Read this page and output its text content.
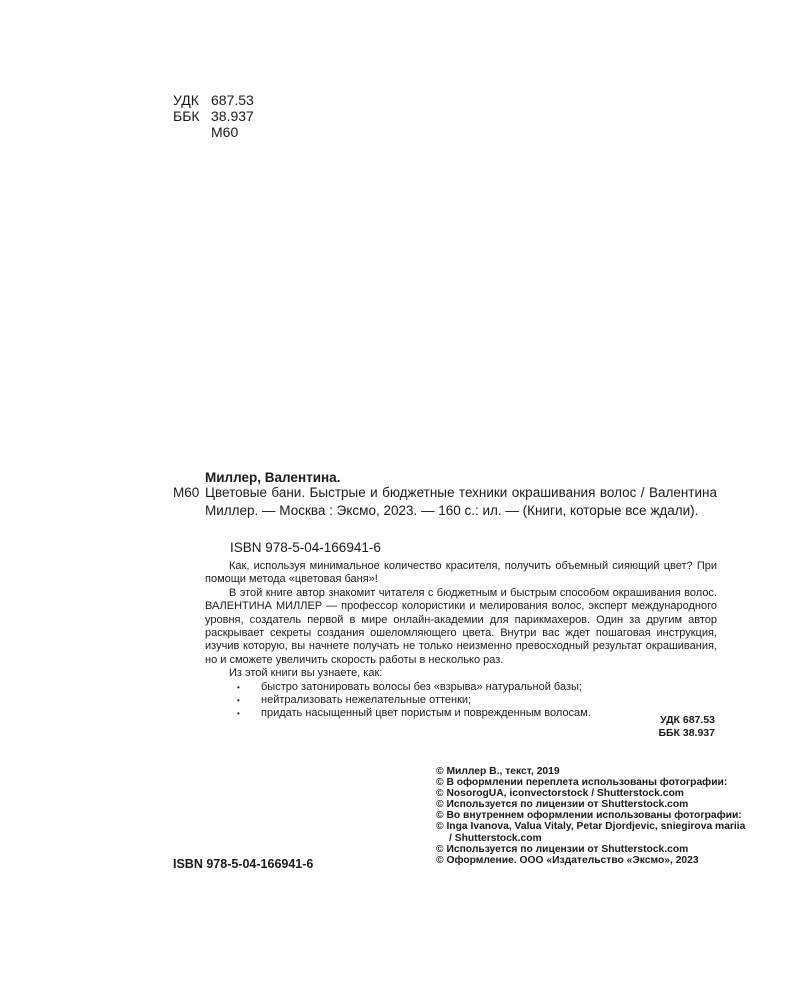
УДК 687.53
ББК 38.937
М60
Миллер, Валентина.
М60 Цветовые бани. Быстрые и бюджетные техники окрашивания волос / Валентина Миллер. — Москва : Эксмо, 2023. — 160 с.: ил. — (Книги, которые все ждали).
ISBN 978-5-04-166941-6

Как, используя минимальное количество красителя, получить объемный сияющий цвет? При помощи метода «цветовая баня»!

В этой книге автор знакомит читателя с бюджетным и быстрым способом окрашивания волос. ВАЛЕНТИНА МИЛЛЕР — профессор колористики и мелирования волос, эксперт международного уровня, создатель первой в мире онлайн-академии для парикмахеров. Один за другим автор раскрывает секреты создания ошеломляющего цвета. Внутри вас ждет пошаговая инструкция, изучив которую, вы начнете получать не только неизменно превосходный результат окрашивания, но и сможете увеличить скорость работы в несколько раз.

Из этой книги вы узнаете, как:

• быстро затонировать волосы без «взрыва» натуральной базы;
• нейтрализовать нежелательные оттенки;
• придать насыщенный цвет пористым и поврежденным волосам.
УДК 687.53
ББК 38.937
ISBN 978-5-04-166941-6
© Миллер В., текст, 2019
© В оформлении переплета использованы фотографии:
© NosorogUA, iconvectorstock / Shutterstock.com
© Используется по лицензии от Shutterstock.com
© Во внутреннем оформлении использованы фотографии:
© Inga Ivanova, Valua Vitaly, Petar Djordjevic, sniegirova mariia
/ Shutterstock.com
© Используется по лицензии от Shutterstock.com
© Оформление. ООО «Издательство «Эксмо», 2023
